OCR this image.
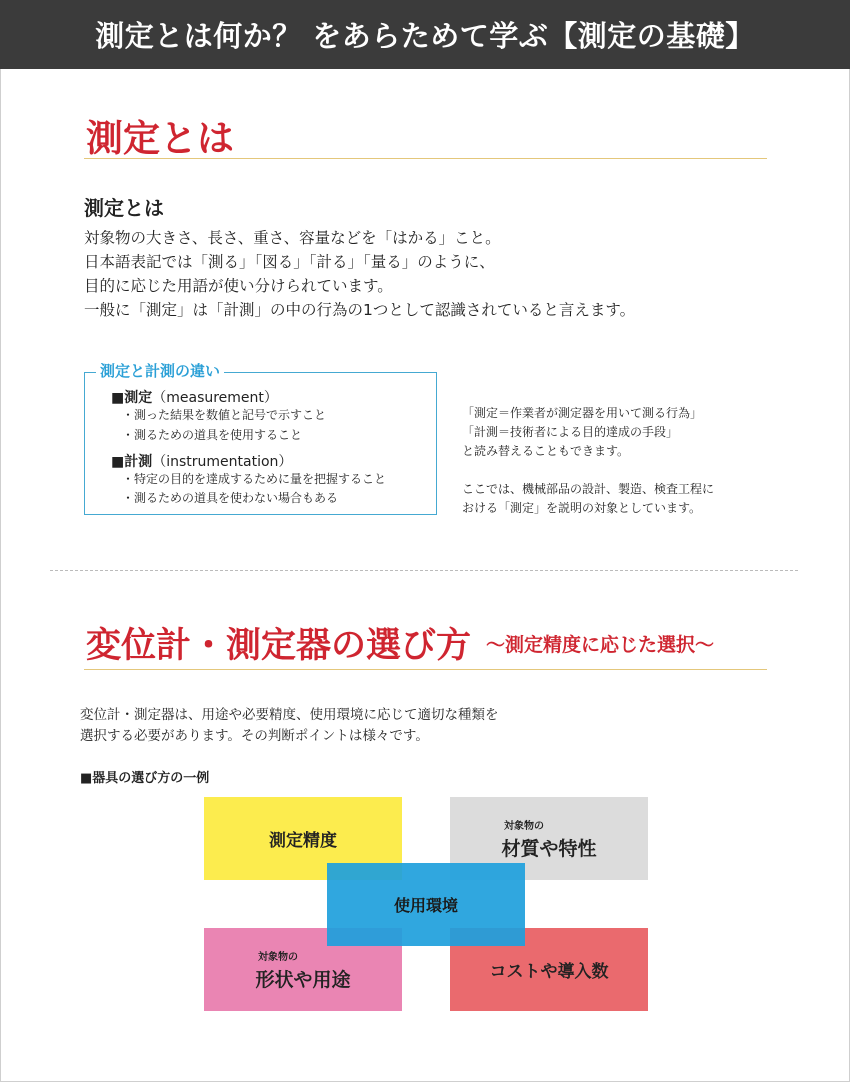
測定とは何か？ をあらためて学ぶ【測定の基礎】
測定とは
測定とは
対象物の大きさ、長さ、重さ、容量などを「はかる」こと。
日本語表記では「測る」「図る」「計る」「量る」のように、
目的に応じた用語が使い分けられています。
一般に「測定」は「計測」の中の行為の1つとして認識されていると言えます。
測定と計測の違い
■測定（measurement）
・測った結果を数値と記号で示すこと
・測るための道具を使用すること
■計測（instrumentation）
・特定の目的を達成するために量を把握すること
・測るための道具を使わない場合もある
「測定＝作業者が測定器を用いて測る行為」
「計測＝技術者による目的達成の手段」
と読み替えることもできます。
ここでは、機械部品の設計、製造、検査工程に
おける「測定」を説明の対象としています。
変位計・測定器の選び方 ～測定精度に応じた選択～
変位計・測定器は、用途や必要精度、使用環境に応じて適切な種類を
選択する必要があります。その判断ポイントは様々です。
■器具の選び方の一例
測定精度
対象物の
材質や特性
対象物の
形状や用途	コストや導入数
使用環境
